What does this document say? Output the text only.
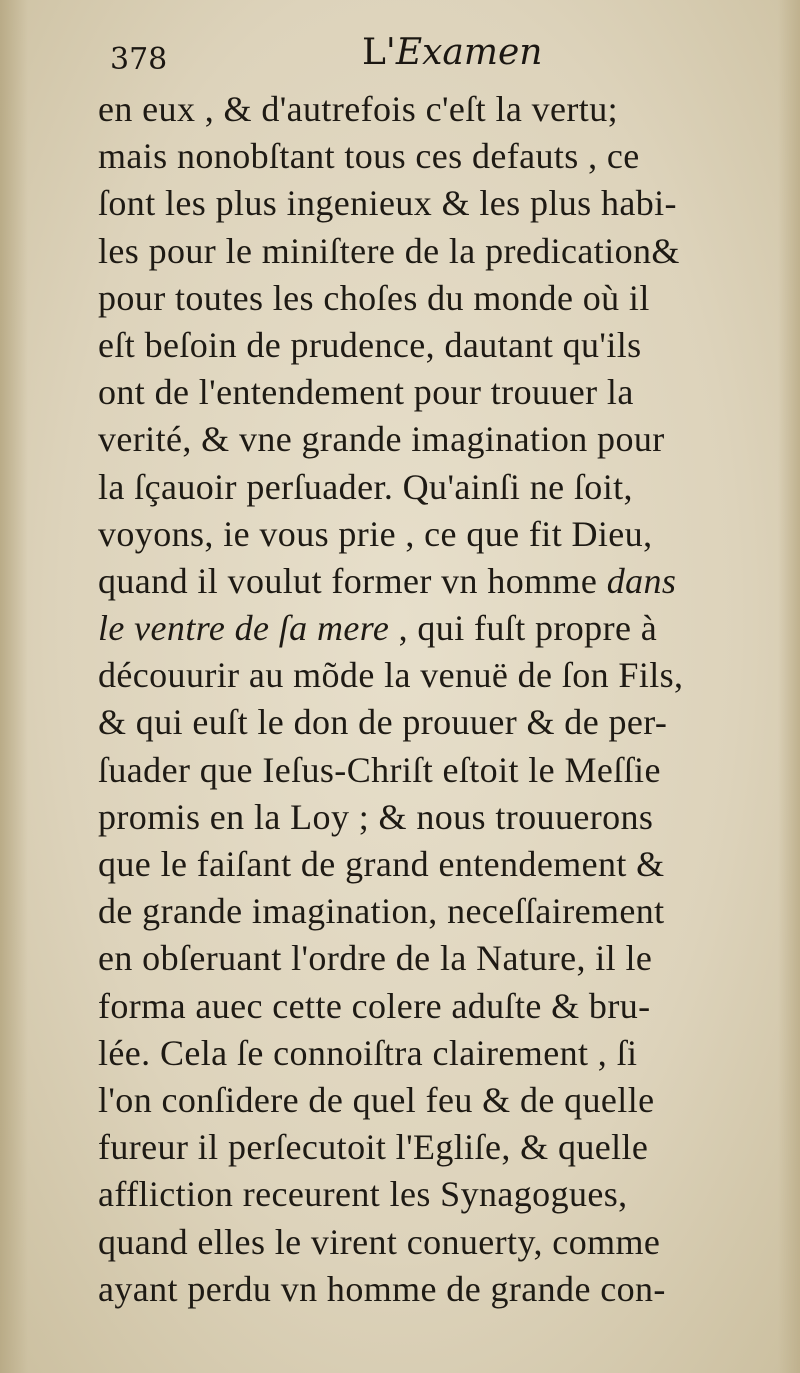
378	L'Examen
en eux , & d'autrefois c'eſt la vertu;
mais nonobſtant tous ces defauts , ce
ſont les plus ingenieux & les plus habi-
les pour le miniſtere de la predication&
pour toutes les choſes du monde où il
eſt beſoin de prudence, dautant qu'ils
ont de l'entendement pour trouuer la
verité, & vne grande imagination pour
la ſçauoir perſuader. Qu'ainſi ne ſoit,
voyons, ie vous prie , ce que fit Dieu,
quand il voulut former vn homme dans
le ventre de ſa mere , qui fuſt propre à
découurir au mõde la venuë de ſon Fils,
& qui euſt le don de prouuer & de per-
ſuader que Ieſus-Chriſt eſtoit le Meſſie
promis en la Loy ; & nous trouuerons
que le faiſant de grand entendement &
de grande imagination, neceſſairement
en obſeruant l'ordre de la Nature, il le
forma auec cette colere aduſte & bru-
lée. Cela ſe connoiſtra clairement , ſi
l'on conſidere de quel feu & de quelle
fureur il perſecutoit l'Egliſe, & quelle
affliction receurent les Synagogues,
quand elles le virent conuerty, comme
ayant perdu vn homme de grande con-
